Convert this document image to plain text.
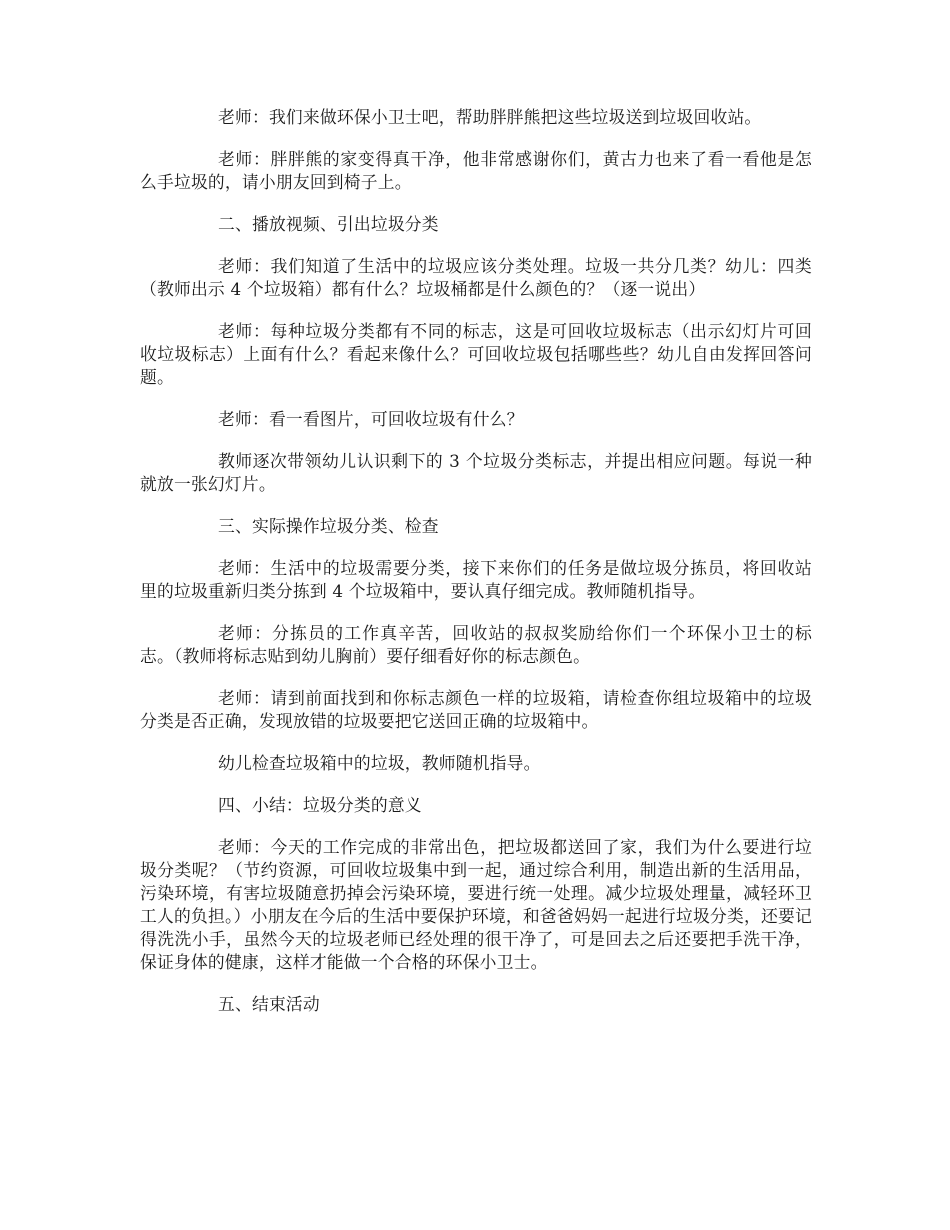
老师：我们来做环保小卫士吧，帮助胖胖熊把这些垃圾送到垃圾回收站。

老师：胖胖熊的家变得真干净，他非常感谢你们，黄古力也来了看一看他是怎么手垃圾的，请小朋友回到椅子上。

二、播放视频、引出垃圾分类

老师：我们知道了生活中的垃圾应该分类处理。垃圾一共分几类？幼儿：四类（教师出示 4 个垃圾箱）都有什么？垃圾桶都是什么颜色的？（逐一说出）

老师：每种垃圾分类都有不同的标志，这是可回收垃圾标志（出示幻灯片可回收垃圾标志）上面有什么？看起来像什么？可回收垃圾包括哪些些？幼儿自由发挥回答问题。

老师：看一看图片，可回收垃圾有什么？

教师逐次带领幼儿认识剩下的 3 个垃圾分类标志，并提出相应问题。每说一种就放一张幻灯片。

三、实际操作垃圾分类、检查

老师：生活中的垃圾需要分类，接下来你们的任务是做垃圾分拣员，将回收站里的垃圾重新归类分拣到 4 个垃圾箱中，要认真仔细完成。教师随机指导。

老师：分拣员的工作真辛苦，回收站的叔叔奖励给你们一个环保小卫士的标志。（教师将标志贴到幼儿胸前）要仔细看好你的标志颜色。

老师：请到前面找到和你标志颜色一样的垃圾箱，请检查你组垃圾箱中的垃圾分类是否正确，发现放错的垃圾要把它送回正确的垃圾箱中。

幼儿检查垃圾箱中的垃圾，教师随机指导。

四、小结：垃圾分类的意义

老师：今天的工作完成的非常出色，把垃圾都送回了家，我们为什么要进行垃圾分类呢？（节约资源，可回收垃圾集中到一起，通过综合利用，制造出新的生活用品，污染环境，有害垃圾随意扔掉会污染环境，要进行统一处理。减少垃圾处理量，减轻环卫工人的负担。）小朋友在今后的生活中要保护环境，和爸爸妈妈一起进行垃圾分类，还要记得洗洗小手，虽然今天的垃圾老师已经处理的很干净了，可是回去之后还要把手洗干净，保证身体的健康，这样才能做一个合格的环保小卫士。

五、结束活动
